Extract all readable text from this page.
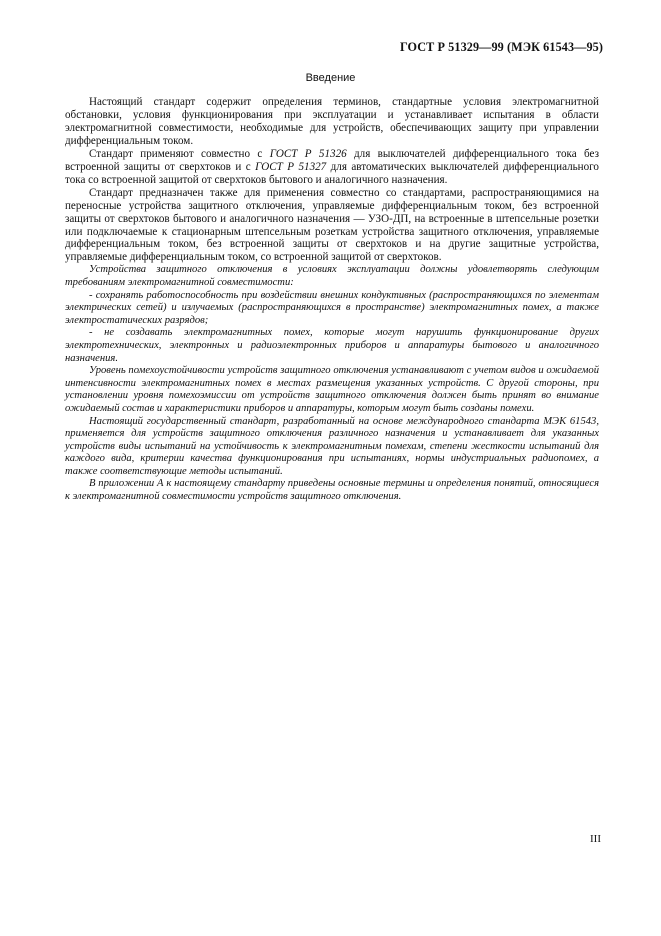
ГОСТ Р 51329—99 (МЭК 61543—95)
Введение

Настоящий стандарт содержит определения терминов, стандартные условия электромагнитной обстановки, условия функционирования при эксплуатации и устанавливает испытания в области электромагнитной совместимости, необходимые для устройств, обеспечивающих защиту при управлении дифференциальным током.

Стандарт применяют совместно с ГОСТ Р 51326 для выключателей дифференциального тока без встроенной защиты от сверхтоков и с ГОСТ Р 51327 для автоматических выключателей дифференциального тока со встроенной защитой от сверхтоков бытового и аналогичного назначения.

Стандарт предназначен также для применения совместно со стандартами, распространяющимися на переносные устройства защитного отключения, управляемые дифференциальным током, без встроенной защиты от сверхтоков бытового и аналогичного назначения — УЗО-ДП, на встроенные в штепсельные розетки или подключаемые к стационарным штепсельным розеткам устройства защитного отключения, управляемые дифференциальным током, без встроенной защиты от сверхтоков и на другие защитные устройства, управляемые дифференциальным током, со встроенной защитой от сверхтоков.

Устройства защитного отключения в условиях эксплуатации должны удовлетворять следующим требованиям электромагнитной совместимости:

- сохранять работоспособность при воздействии внешних кондуктивных (распространяющихся по элементам электрических сетей) и излучаемых (распространяющихся в пространстве) электромагнитных помех, а также электростатических разрядов;

- не создавать электромагнитных помех, которые могут нарушить функционирование других электротехнических, электронных и радиоэлектронных приборов и аппаратуры бытового и аналогичного назначения.

Уровень помехоустойчивости устройств защитного отключения устанавливают с учетом видов и ожидаемой интенсивности электромагнитных помех в местах размещения указанных устройств. С другой стороны, при установлении уровня помехоэмиссии от устройств защитного отключения должен быть принят во внимание ожидаемый состав и характеристики приборов и аппаратуры, которым могут быть созданы помехи.

Настоящий государственный стандарт, разработанный на основе международного стандарта МЭК 61543, применяется для устройств защитного отключения различного назначения и устанавливает для указанных устройств виды испытаний на устойчивость к электромагнитным помехам, степени жесткости испытаний для каждого вида, критерии качества функционирования при испытаниях, нормы индустриальных радиопомех, а также соответствующие методы испытаний.

В приложении А к настоящему стандарту приведены основные термины и определения понятий, относящиеся к электромагнитной совместимости устройств защитного отключения.

III
